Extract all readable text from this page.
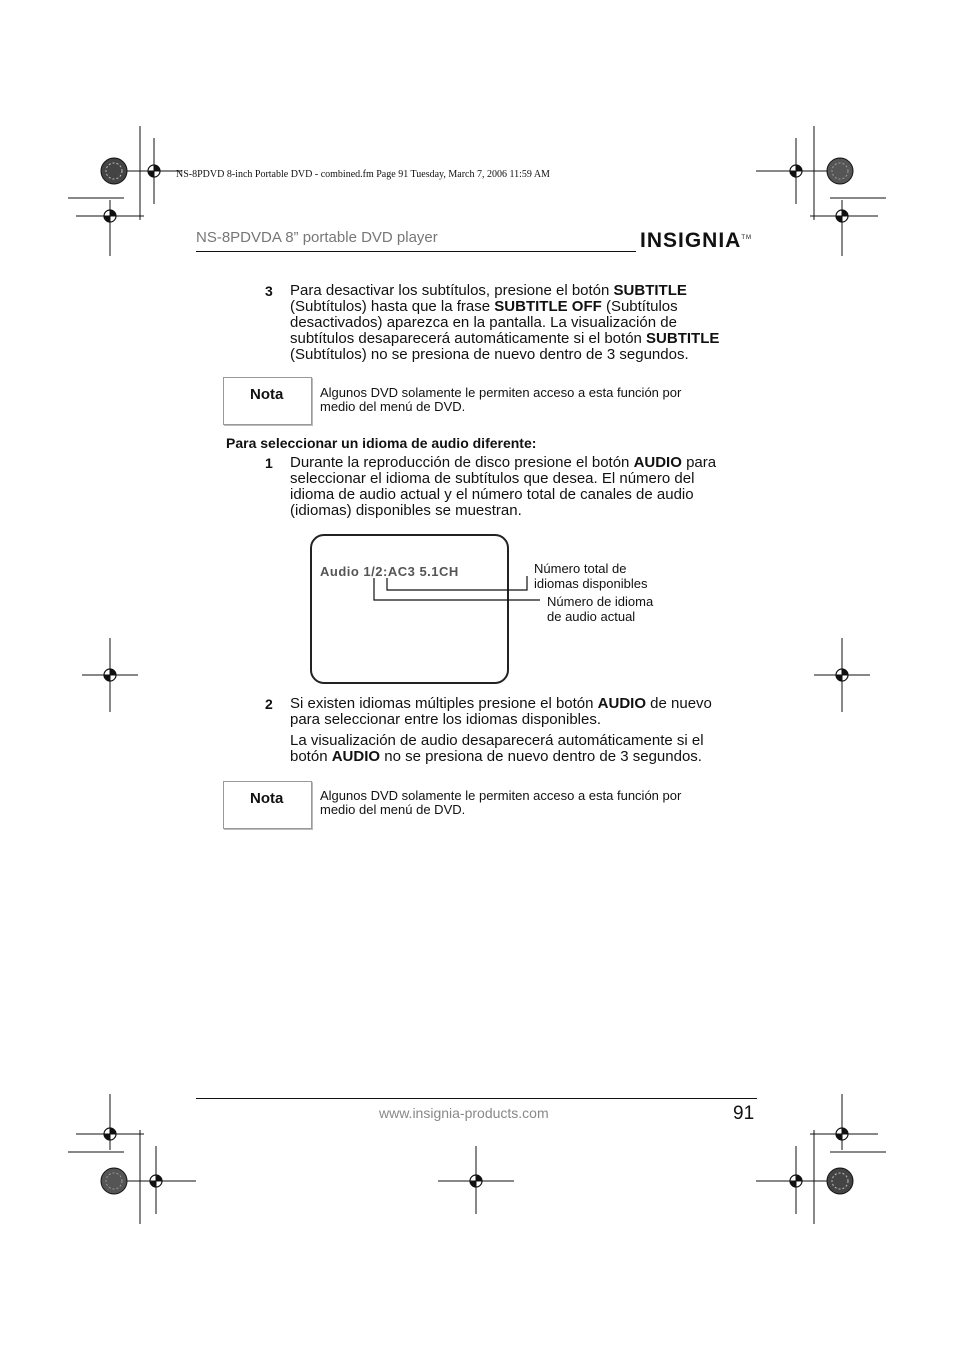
NS-8PDVD 8-inch Portable DVD - combined.fm Page 91 Tuesday, March 7, 2006 11:59 AM
NS-8PDVDA 8” portable DVD player	INSIGNIA™
3 Para desactivar los subtítulos, presione el botón SUBTITLE
(Subtítulos) hasta que la frase SUBTITLE OFF (Subtítulos
desactivados) aparezca en la pantalla. La visualización de
subtítulos desaparecerá automáticamente si el botón SUBTITLE
(Subtítulos) no se presiona de nuevo dentro de 3 segundos.
Nota	Algunos DVD solamente le permiten acceso a esta función por
medio del menú de DVD.
Para seleccionar un idioma de audio diferente:
1 Durante la reproducción de disco presione el botón AUDIO para
seleccionar el idioma de subtítulos que desea. El número del
idioma de audio actual y el número total de canales de audio
(idiomas) disponibles se muestran.
Audio 1/2:AC3 5.1CH	Número total de
idiomas disponibles
Número de idioma
de audio actual
2 Si existen idiomas múltiples presione el botón AUDIO de nuevo
para seleccionar entre los idiomas disponibles.
La visualización de audio desaparecerá automáticamente si el
botón AUDIO no se presiona de nuevo dentro de 3 segundos.
Nota	Algunos DVD solamente le permiten acceso a esta función por
medio del menú de DVD.
www.insignia-products.com	91
